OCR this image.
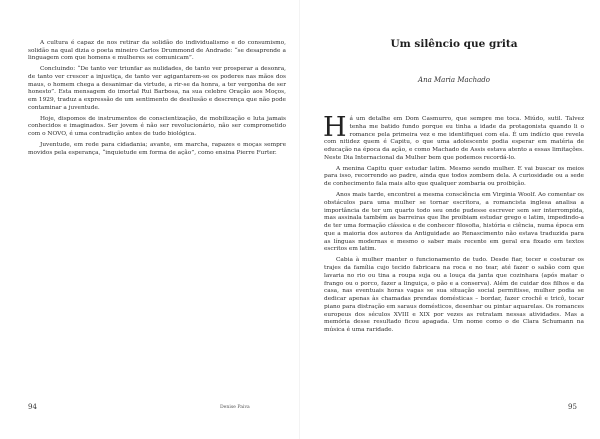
A cultura é capaz de nos retirar da solidão do individualismo e do consumismo, solidão na qual dizia o poeta mineiro Carlos Drummond de Andrade: “se desaprende a linguagem com que homens e mulheres se comunicam”.

Concluindo: “De tanto ver triunfar as nulidades, de tanto ver prosperar a desonra, de tanto ver crescer a injustiça, de tanto ver agigantarem-se os poderes nas mãos dos maus, o homem chega a desanimar da virtude, a rir-se da honra, a ter vergonha de ser honesto”. Esta mensagem do imortal Rui Barbosa, na sua celebre Oração aos Moços, em 1929, traduz a expressão de um sentimento de desilusão e descrença que não pode contaminar a juventude.

Hoje, dispomos de instrumentos de conscientização, de mobilização e luta jamais conhecidos e imaginados. Ser jovem é não ser revolucionário, não ser comprometido com o NOVO, é uma contradição antes de tudo biológica.

Juventude, em rede para cidadania; avante, em marcha, rapazes e moças sempre movidos pela esperança, “inquietude em forma de ação”, como ensina Pierre Furter.

94	Denise Paiva
Um silêncio que grita
Ana Maria Machado

Há um detalhe em Dom Casmurro, que sempre me toca. Miúdo, sutil. Talvez tenha me batido fundo porque eu tinha a idade da protagonista quando li o romance pela primeira vez e me identifiquei com ela. É um indício que revela com nitidez quem é Capitu, o que uma adolescente podia esperar em matéria de educação na época da ação, e como Machado de Assis estava atento a essas limitações. Neste Dia Internacional da Mulher bem que podemos recordá-lo.

A menina Capitu quer estudar latim. Mesmo sendo mulher. E vai buscar os meios para isso, recorrendo ao padre, ainda que todos zombem dela. A curiosidade ou a sede de conhecimento fala mais alto que qualquer zombaria ou proibição.

Anos mais tarde, encontrei a mesma consciência em Virginia Woolf. Ao comentar os obstáculos para uma mulher se tornar escritora, a romancista inglesa analisa a importância de ter um quarto todo seu onde pudesse escrever sem ser interrompida, mas assinala também as barreiras que lhe proibiam estudar grego e latim, impedindo-a de ter uma formação clássica e de conhecer filosofia, história e ciência, numa época em que a maioria dos autores da Antiguidade ao Renascimento não estava traduzida para as línguas modernas e mesmo o saber mais recente em geral era fixado em textos escritos em latim.

Cabia à mulher manter o funcionamento de tudo. Desde fiar, tecer e costurar os trajes da família cujo tecido fabricara na roca e no tear, até fazer o sabão com que lavaria no rio ou tina a roupa suja ou a louça da janta que cozinhara (após matar o frango ou o porco, fazer a linguiça, o pão e a conserva). Além de cuidar dos filhos e da casa, nas eventuais horas vagas se sua situação social permitisse, mulher podia se dedicar apenas às chamadas prendas domésticas – bordar, fazer crochê e tricô, tocar piano para distração em saraus domésticos, desenhar ou pintar aquarelas. Os romances europeus dos séculos XVIII e XIX por vezes as retratam nessas atividades. Mas a memória desse resultado ficou apagada. Um nome como o de Clara Schumann na música é uma raridade.

95
